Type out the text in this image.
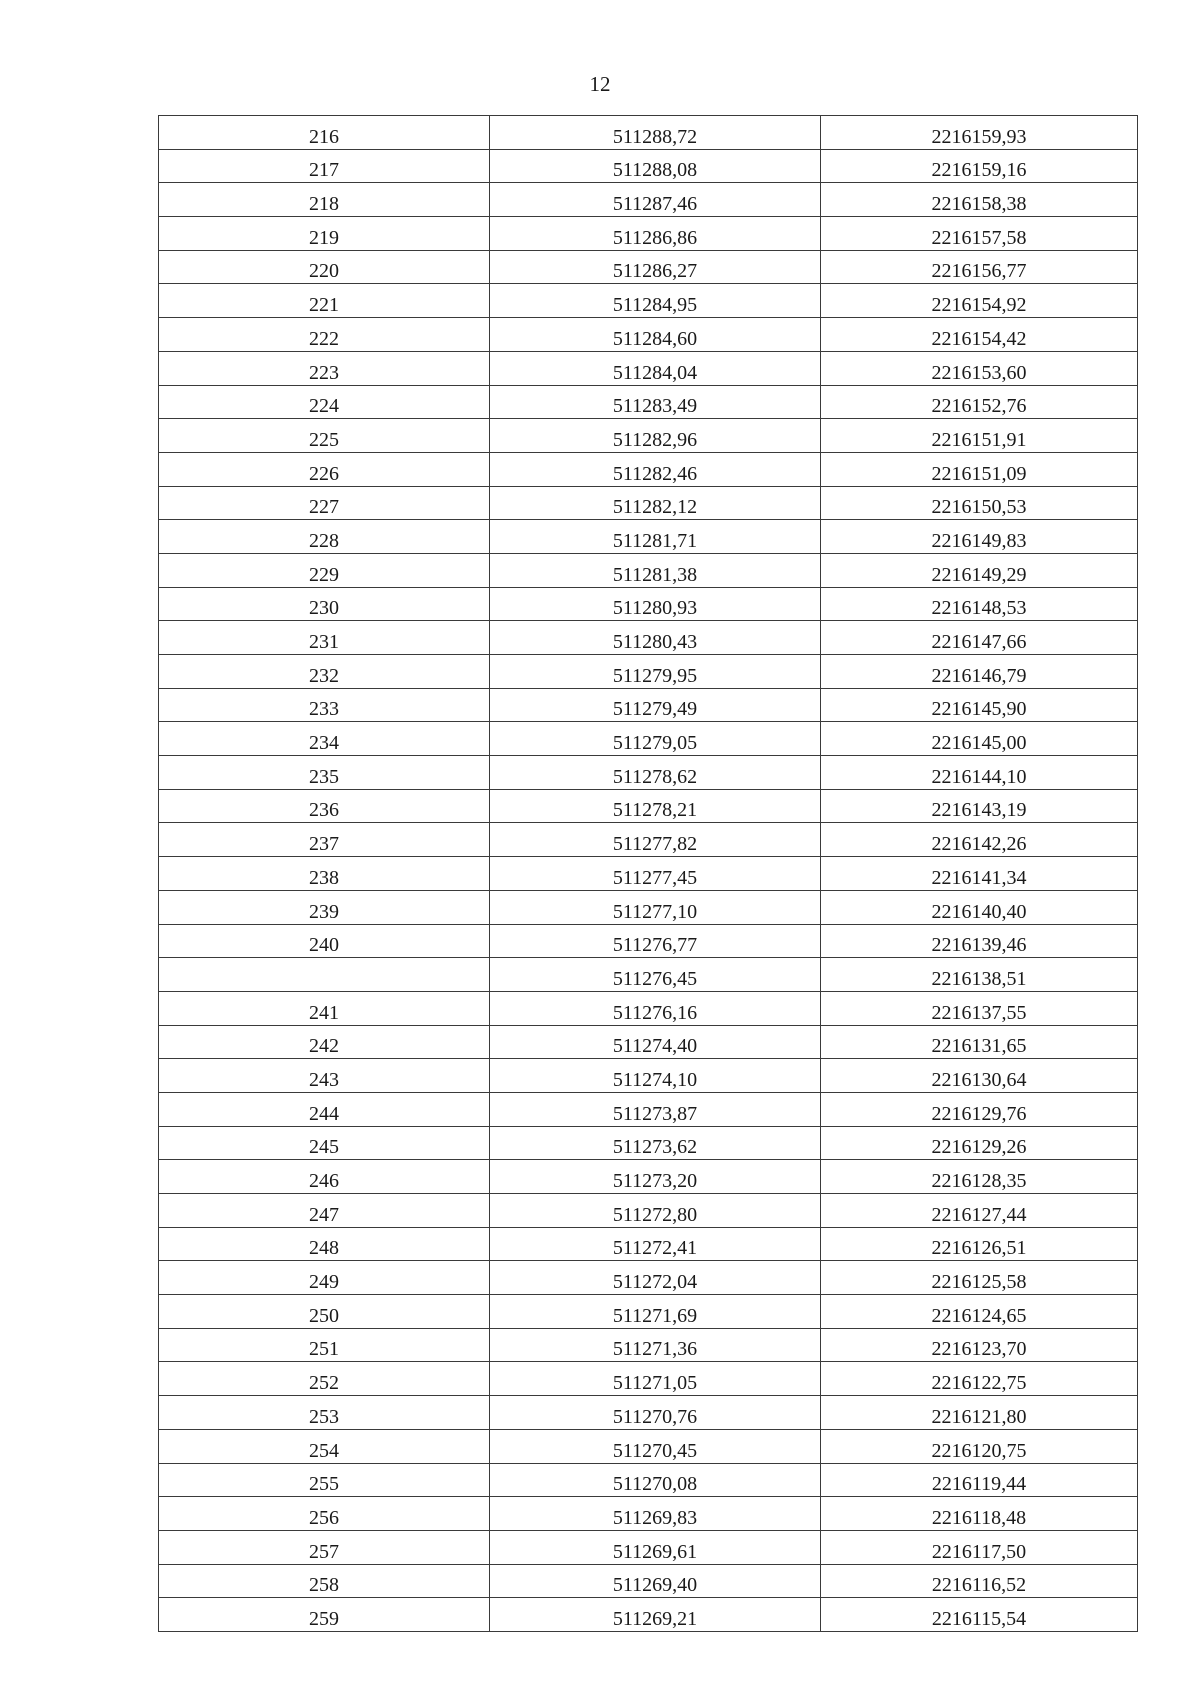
12
216	511288,72	2216159,93
217	511288,08	2216159,16
218	511287,46	2216158,38
219	511286,86	2216157,58
220	511286,27	2216156,77
221	511284,95	2216154,92
222	511284,60	2216154,42
223	511284,04	2216153,60
224	511283,49	2216152,76
225	511282,96	2216151,91
226	511282,46	2216151,09
227	511282,12	2216150,53
228	511281,71	2216149,83
229	511281,38	2216149,29
230	511280,93	2216148,53
231	511280,43	2216147,66
232	511279,95	2216146,79
233	511279,49	2216145,90
234	511279,05	2216145,00
235	511278,62	2216144,10
236	511278,21	2216143,19
237	511277,82	2216142,26
238	511277,45	2216141,34
239	511277,10	2216140,40
240	511276,77	2216139,46
	511276,45	2216138,51
241	511276,16	2216137,55
242	511274,40	2216131,65
243	511274,10	2216130,64
244	511273,87	2216129,76
245	511273,62	2216129,26
246	511273,20	2216128,35
247	511272,80	2216127,44
248	511272,41	2216126,51
249	511272,04	2216125,58
250	511271,69	2216124,65
251	511271,36	2216123,70
252	511271,05	2216122,75
253	511270,76	2216121,80
254	511270,45	2216120,75
255	511270,08	2216119,44
256	511269,83	2216118,48
257	511269,61	2216117,50
258	511269,40	2216116,52
259	511269,21	2216115,54
